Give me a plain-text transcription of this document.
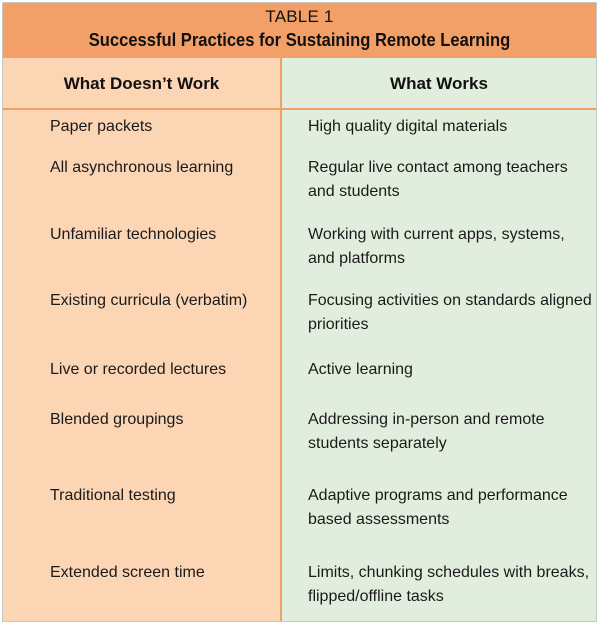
TABLE 1
Successful Practices for Sustaining Remote Learning
What Doesn’t Work	What Works
Paper packets	High quality digital materials
All asynchronous learning	Regular live contact among teachers and students
Unfamiliar technologies	Working with current apps, systems, and platforms
Existing curricula (verbatim)	Focusing activities on standards aligned priorities
Live or recorded lectures	Active learning
Blended groupings	Addressing in-person and remote students separately
Traditional testing	Adaptive programs and performance based assessments
Extended screen time	Limits, chunking schedules with breaks, flipped/offline tasks
